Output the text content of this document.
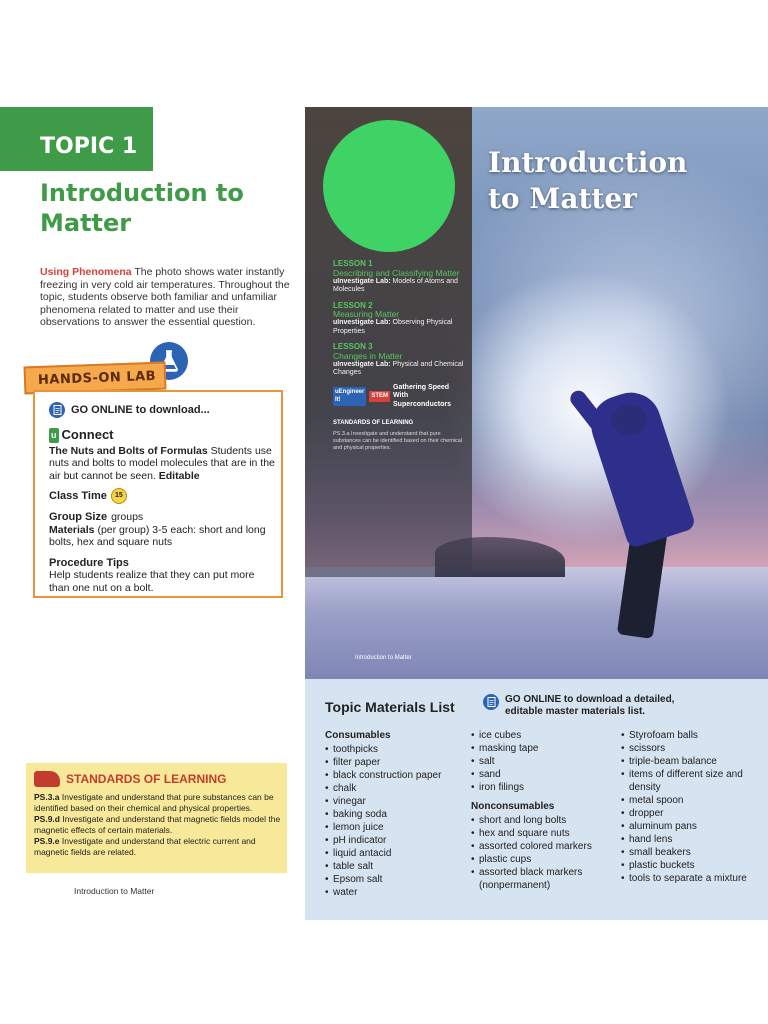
TOPIC 1
Introduction to Matter

Using Phenomena The photo shows water instantly freezing in very cold air temperatures. Throughout the topic, students observe both familiar and unfamiliar phenomena related to matter and use their observations to answer the essential question.

HANDS-ON LAB
GO ONLINE to download...
u Connect

The Nuts and Bolts of Formulas Students use nuts and bolts to model molecules that are in the air but cannot be seen. Editable

Class Time	15
Group Size groups

Materials (per group) 3-5 each: short and long bolts, hex and square nuts

Procedure Tips

Help students realize that they can put more than one nut on a bolt.

STANDARDS OF LEARNING
PS.3.a Investigate and understand that pure substances can be identified based on their chemical and physical properties.
PS.9.d Investigate and understand that magnetic fields model the magnetic effects of certain materials.
PS.9.e Investigate and understand that electric current and magnetic fields are related.
Introduction to Matter
Introduction
to Matter
LESSON 1
Describing and Classifying Matter
uInvestigate Lab: Models of Atoms and Molecules
LESSON 2
Measuring Matter
uInvestigate Lab: Observing Physical Properties
LESSON 3
Changes in Matter
uInvestigate Lab: Physical and Chemical Changes
uEngineer It!
STEM
Gathering Speed With Superconductors
STANDARDS OF LEARNING
PS.3.a Investigate and understand that pure substances can be identified based on their chemical and physical properties.
Introduction to Matter
Topic Materials List	GO ONLINE to download a detailed,
editable master materials list.
Consumables
• toothpicks
• filter paper
• black construction paper
• chalk
• vinegar
• baking soda
• lemon juice
• pH indicator
• liquid antacid
• table salt
• Epsom salt
• water
• ice cubes
• masking tape
• salt
• sand
• iron filings
Nonconsumables
• short and long bolts
• hex and square nuts
• assorted colored markers
• plastic cups
• assorted black markers (nonpermanent)
• Styrofoam balls
• scissors
• triple-beam balance
• items of different size and density
• metal spoon
• dropper
• aluminum pans
• hand lens
• small beakers
• plastic buckets
• tools to separate a mixture
